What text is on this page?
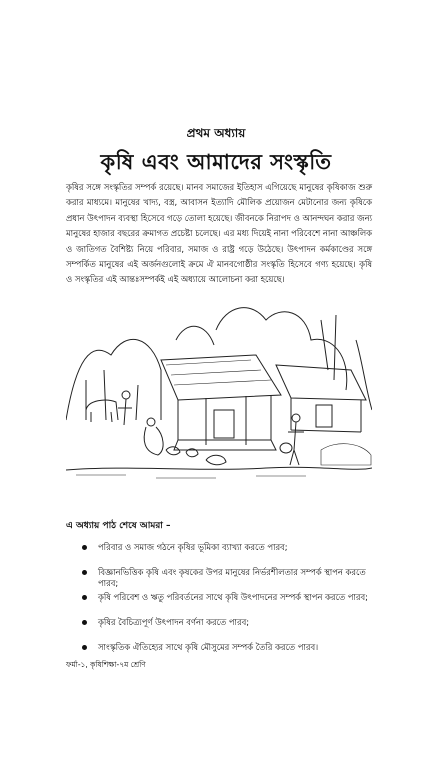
প্রথম অধ্যায়
কৃষি এবং আমাদের সংস্কৃতি

কৃষির সঙ্গে সংস্কৃতির সম্পর্ক রয়েছে। মানব সমাজের ইতিহাস এগিয়েছে মানুষের কৃষিকাজ শুরু করার মাধ্যমে। মানুষের খাদ্য, বস্ত্র, আবাসন ইত্যাদি মৌলিক প্রয়োজন মেটানোর জন্য কৃষিকে প্রধান উৎপাদন ব্যবস্থা হিসেবে গড়ে তোলা হয়েছে। জীবনকে নিরাপদ ও আনন্দঘন করার জন্য মানুষের হাজার বছরের ক্রমাগত প্রচেষ্টা চলেছে। এর মধ্য দিয়েই নানা পরিবেশে নানা আঞ্চলিক ও জাতিগত বৈশিষ্ট্য নিয়ে পরিবার, সমাজ ও রাষ্ট্র গড়ে উঠেছে। উৎপাদন কর্মকাণ্ডের সঙ্গে সম্পর্কিত মানুষের এই অর্জনগুলোই ক্রমে ঐ মানবগোষ্ঠীর সংস্কৃতি হিসেবে গণ্য হয়েছে। কৃষি ও সংস্কৃতির এই আন্তঃসম্পর্কই এই অধ্যায়ে আলোচনা করা হয়েছে।

এ অধ্যায় পাঠ শেষে আমরা –
পরিবার ও সমাজ গঠনে কৃষির ভূমিকা ব্যাখ্যা করতে পারব;
বিজ্ঞানভিত্তিক কৃষি এবং কৃষকের উপর মানুষের নির্ভরশীলতার সম্পর্ক স্থাপন করতে পারব;
কৃষি পরিবেশ ও ঋতু পরিবর্তনের সাথে কৃষি উৎপাদনের সম্পর্ক স্থাপন করতে পারব;
কৃষির বৈচিত্র্যপূর্ণ উৎপাদন বর্ণনা করতে পারব;
সাংস্কৃতিক ঐতিহ্যের সাথে কৃষি মৌসুমের সম্পর্ক তৈরি করতে পারব।
ফর্মা-১, কৃষিশিক্ষা-৭ম শ্রেণি
